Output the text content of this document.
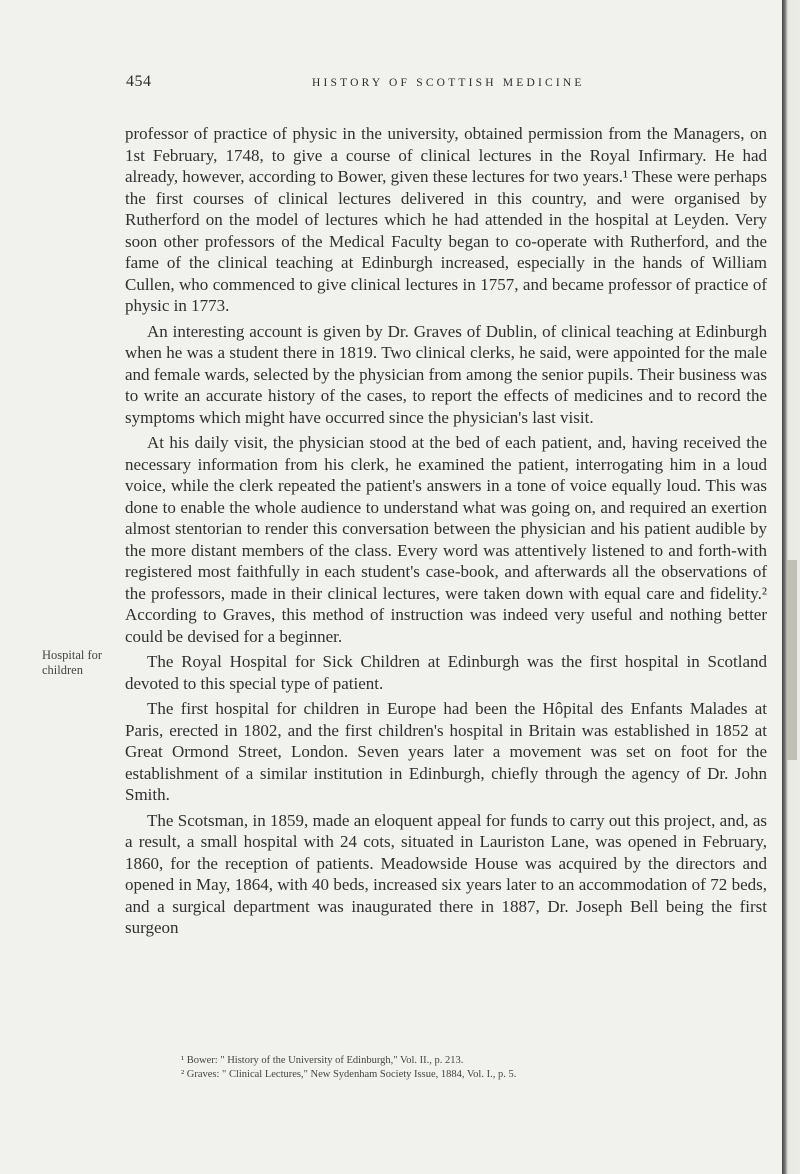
454	HISTORY OF SCOTTISH MEDICINE

professor of practice of physic in the university, obtained permission from the Managers, on 1st February, 1748, to give a course of clinical lectures in the Royal Infirmary. He had already, however, according to Bower, given these lectures for two years.¹ These were perhaps the first courses of clinical lectures delivered in this country, and were organised by Rutherford on the model of lectures which he had attended in the hospital at Leyden. Very soon other professors of the Medical Faculty began to co-operate with Rutherford, and the fame of the clinical teaching at Edinburgh increased, especially in the hands of William Cullen, who commenced to give clinical lectures in 1757, and became professor of practice of physic in 1773.

An interesting account is given by Dr. Graves of Dublin, of clinical teaching at Edinburgh when he was a student there in 1819. Two clinical clerks, he said, were appointed for the male and female wards, selected by the physician from among the senior pupils. Their business was to write an accurate history of the cases, to report the effects of medicines and to record the symptoms which might have occurred since the physician's last visit.

At his daily visit, the physician stood at the bed of each patient, and, having received the necessary information from his clerk, he examined the patient, interrogating him in a loud voice, while the clerk repeated the patient's answers in a tone of voice equally loud. This was done to enable the whole audience to understand what was going on, and required an exertion almost stentorian to render this conversation between the physician and his patient audible by the more distant members of the class. Every word was attentively listened to and forth-with registered most faithfully in each student's case-book, and afterwards all the observations of the professors, made in their clinical lectures, were taken down with equal care and fidelity.² According to Graves, this method of instruction was indeed very useful and nothing better could be devised for a beginner.

The Royal Hospital for Sick Children at Edinburgh was the first hospital in Scotland devoted to this special type of patient.

The first hospital for children in Europe had been the Hôpital des Enfants Malades at Paris, erected in 1802, and the first children's hospital in Britain was established in 1852 at Great Ormond Street, London. Seven years later a movement was set on foot for the establishment of a similar institution in Edinburgh, chiefly through the agency of Dr. John Smith.

The Scotsman, in 1859, made an eloquent appeal for funds to carry out this project, and, as a result, a small hospital with 24 cots, situated in Lauriston Lane, was opened in February, 1860, for the reception of patients. Meadowside House was acquired by the directors and opened in May, 1864, with 40 beds, increased six years later to an accommodation of 72 beds, and a surgical department was inaugurated there in 1887, Dr. Joseph Bell being the first surgeon

Hospital for children
¹ Bower: " History of the University of Edinburgh," Vol. II., p. 213.
² Graves: " Clinical Lectures," New Sydenham Society Issue, 1884, Vol. I., p. 5.
